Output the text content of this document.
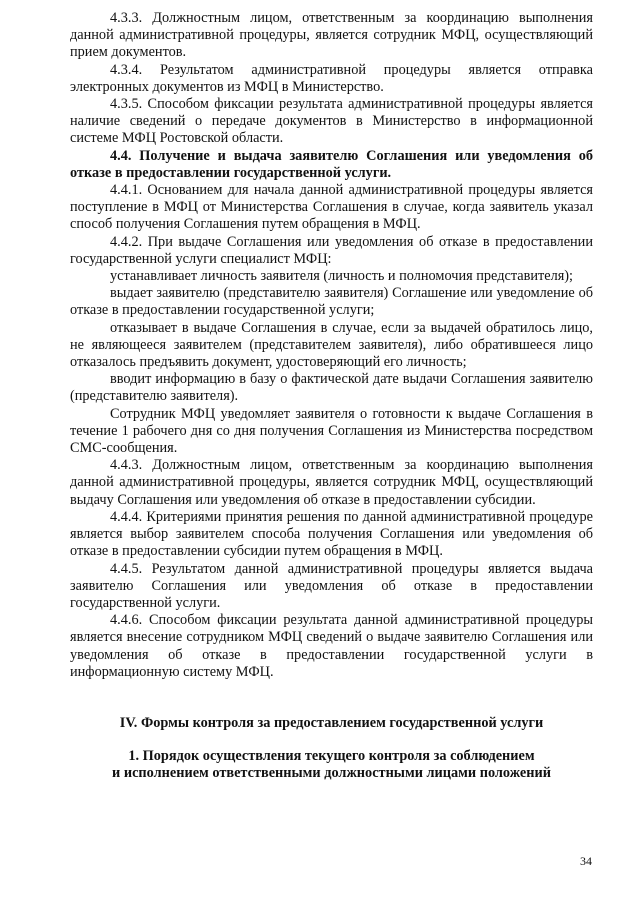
4.3.3. Должностным лицом, ответственным за координацию выполнения данной административной процедуры, является сотрудник МФЦ, осуществляющий прием документов.

4.3.4. Результатом административной процедуры является отправка электронных документов из МФЦ в Министерство.

4.3.5. Способом фиксации результата административной процедуры является наличие сведений о передаче документов в Министерство в информационной системе МФЦ Ростовской области.

4.4. Получение и выдача заявителю Соглашения или уведомления об отказе в предоставлении государственной услуги.

4.4.1. Основанием для начала данной административной процедуры является поступление в МФЦ от Министерства Соглашения в случае, когда заявитель указал способ получения Соглашения путем обращения в МФЦ.

4.4.2. При выдаче Соглашения или уведомления об отказе в предоставлении государственной услуги специалист МФЦ:

устанавливает личность заявителя (личность и полномочия представителя);

выдает заявителю (представителю заявителя) Соглашение или уведомление об отказе в предоставлении государственной услуги;

отказывает в выдаче Соглашения в случае, если за выдачей обратилось лицо, не являющееся заявителем (представителем заявителя), либо обратившееся лицо отказалось предъявить документ, удостоверяющий его личность;

вводит информацию в базу о фактической дате выдачи Соглашения заявителю (представителю заявителя).

Сотрудник МФЦ уведомляет заявителя о готовности к выдаче Соглашения в течение 1 рабочего дня со дня получения Соглашения из Министерства посредством СМС-сообщения.

4.4.3. Должностным лицом, ответственным за координацию выполнения данной административной процедуры, является сотрудник МФЦ, осуществляющий выдачу Соглашения или уведомления об отказе в предоставлении субсидии.

4.4.4. Критериями принятия решения по данной административной процедуре является выбор заявителем способа получения Соглашения или уведомления об отказе в предоставлении субсидии путем обращения в МФЦ.

4.4.5. Результатом данной административной процедуры является выдача заявителю Соглашения или уведомления об отказе в предоставлении государственной услуги.

4.4.6. Способом фиксации результата данной административной процедуры является внесение сотрудником МФЦ сведений о выдаче заявителю Соглашения или уведомления об отказе в предоставлении государственной услуги в информационную систему МФЦ.

IV. Формы контроля за предоставлением государственной услуги

1. Порядок осуществления текущего контроля за соблюдением

и исполнением ответственными должностными лицами положений

34
